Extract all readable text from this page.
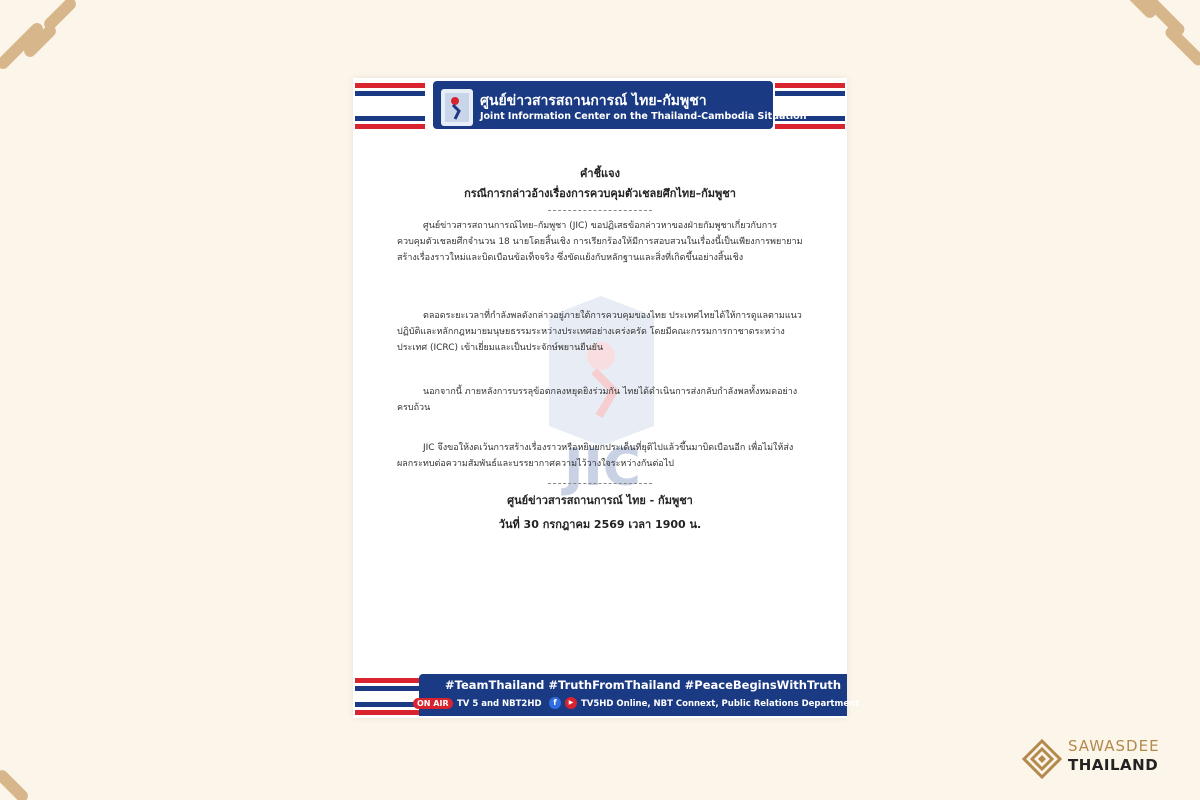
ศูนย์ข่าวสารสถานการณ์ ไทย-กัมพูชา
Joint Information Center on the Thailand-Cambodia Situation
JIC
คำชี้แจง
กรณีการกล่าวอ้างเรื่องการควบคุมตัวเชลยศึกไทย–กัมพูชา

ศูนย์ข่าวสารสถานการณ์ไทย–กัมพูชา (JIC) ขอปฏิเสธข้อกล่าวหาของฝ่ายกัมพูชาเกี่ยวกับการควบคุมตัวเชลยศึกจำนวน 18 นายโดยสิ้นเชิง การเรียกร้องให้มีการสอบสวนในเรื่องนี้เป็นเพียงการพยายามสร้างเรื่องราวใหม่และบิดเบือนข้อเท็จจริง ซึ่งขัดแย้งกับหลักฐานและสิ่งที่เกิดขึ้นอย่างสิ้นเชิง

ตลอดระยะเวลาที่กำลังพลดังกล่าวอยู่ภายใต้การควบคุมของไทย ประเทศไทยได้ให้การดูแลตามแนวปฏิบัติและหลักกฎหมายมนุษยธรรมระหว่างประเทศอย่างเคร่งครัด โดยมีคณะกรรมการกาชาดระหว่างประเทศ (ICRC) เข้าเยี่ยมและเป็นประจักษ์พยานยืนยัน

นอกจากนี้ ภายหลังการบรรลุข้อตกลงหยุดยิงร่วมกัน ไทยได้ดำเนินการส่งกลับกำลังพลทั้งหมดอย่างครบถ้วน

JIC จึงขอให้งดเว้นการสร้างเรื่องราวหรือหยิบยกประเด็นที่ยุติไปแล้วขึ้นมาบิดเบือนอีก เพื่อไม่ให้ส่งผลกระทบต่อความสัมพันธ์และบรรยากาศความไว้วางใจระหว่างกันต่อไป

ศูนย์ข่าวสารสถานการณ์ ไทย - กัมพูชา
วันที่ 30 กรกฎาคม 2569 เวลา 1900 น.
#TeamThailand #TruthFromThailand #PeaceBeginsWithTruth
ON AIR TV 5 and NBT2HD	f	▶ TV5HD Online, NBT Connext, Public Relations Department
SAWASDEE
THAILAND
